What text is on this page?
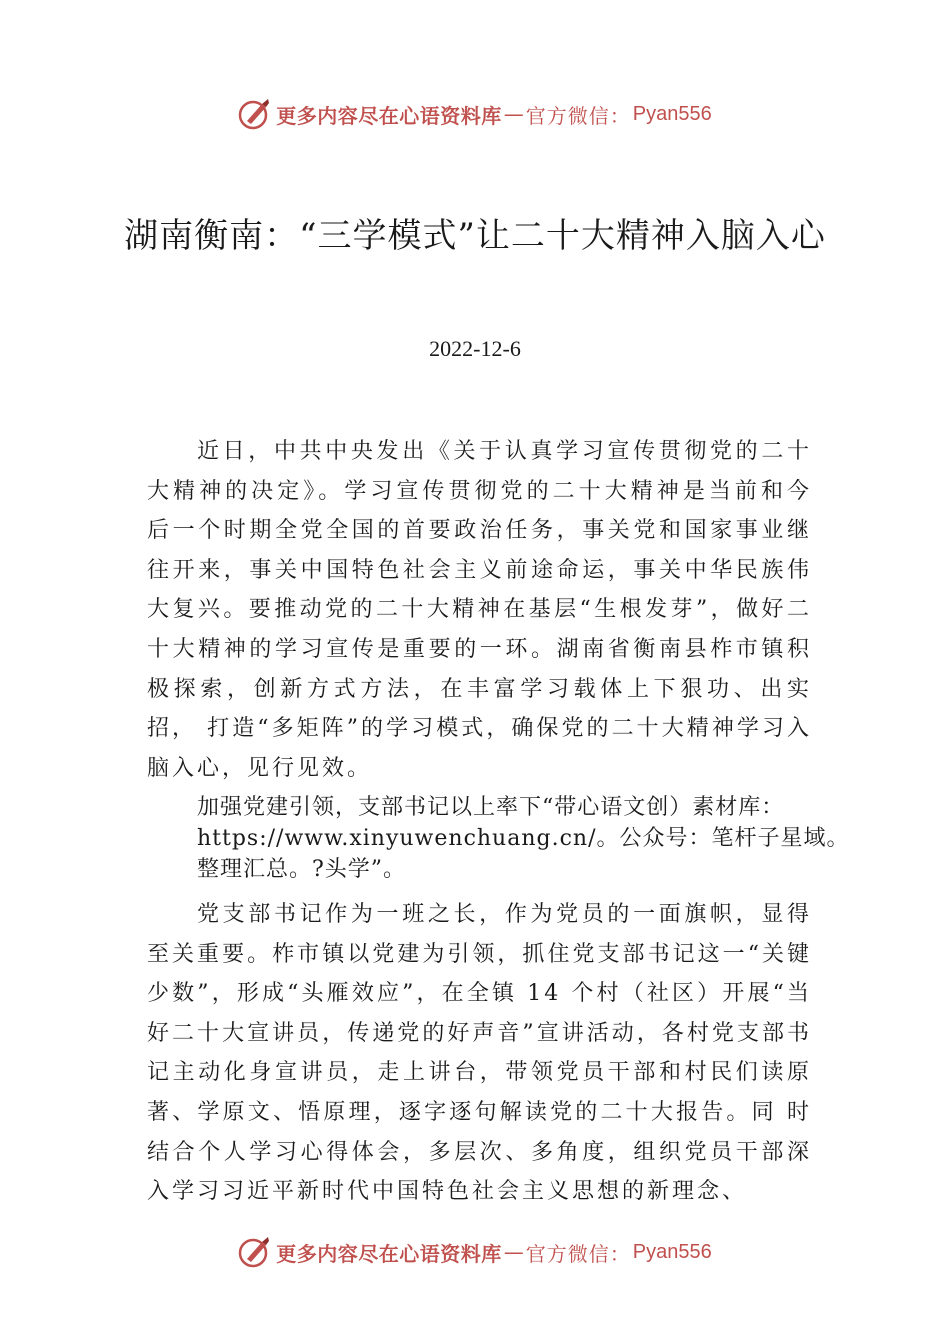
更多内容尽在心语资料库 — 官方微信： Pyan556
湖南衡南：“三学模式”让二十大精神入脑入心
2022-12-6

近日，中共中央发出《关于认真学习宣传贯彻党的二十大精神的决定》。学习宣传贯彻党的二十大精神是当前和今 后一个时期全党全国的首要政治任务，事关党和国家事业继往开来，事关中国特色社会主义前途命运，事关中华民族伟大复兴。要推动党的二十大精神在基层“生根发芽”，做好二十大精神的学习宣传是重要的一环。湖南省衡南县柞市镇积极探索，创新方式方法，在丰富学习载体上下狠功、出实招， 打造“多矩阵”的学习模式，确保党的二十大精神学习入脑入心，见行见效。

加强党建引领，支部书记以上率下“带心语文创）素材库：
https://www.xinyuwenchuang.cn/。公众号：笔杆子星域。
整理汇总。?头学”。

党支部书记作为一班之长，作为党员的一面旗帜，显得至关重要。柞市镇以党建为引领，抓住党支部书记这一“关键少数”，形成“头雁效应”，在全镇 14 个村（社区）开展“当好二十大宣讲员，传递党的好声音”宣讲活动，各村党支部书记主动化身宣讲员，走上讲台，带领党员干部和村民们读原著、学原文、悟原理，逐字逐句解读党的二十大报告。同 时结合个人学习心得体会，多层次、多角度，组织党员干部深入学习习近平新时代中国特色社会主义思想的新理念、

更多内容尽在心语资料库 — 官方微信： Pyan556
